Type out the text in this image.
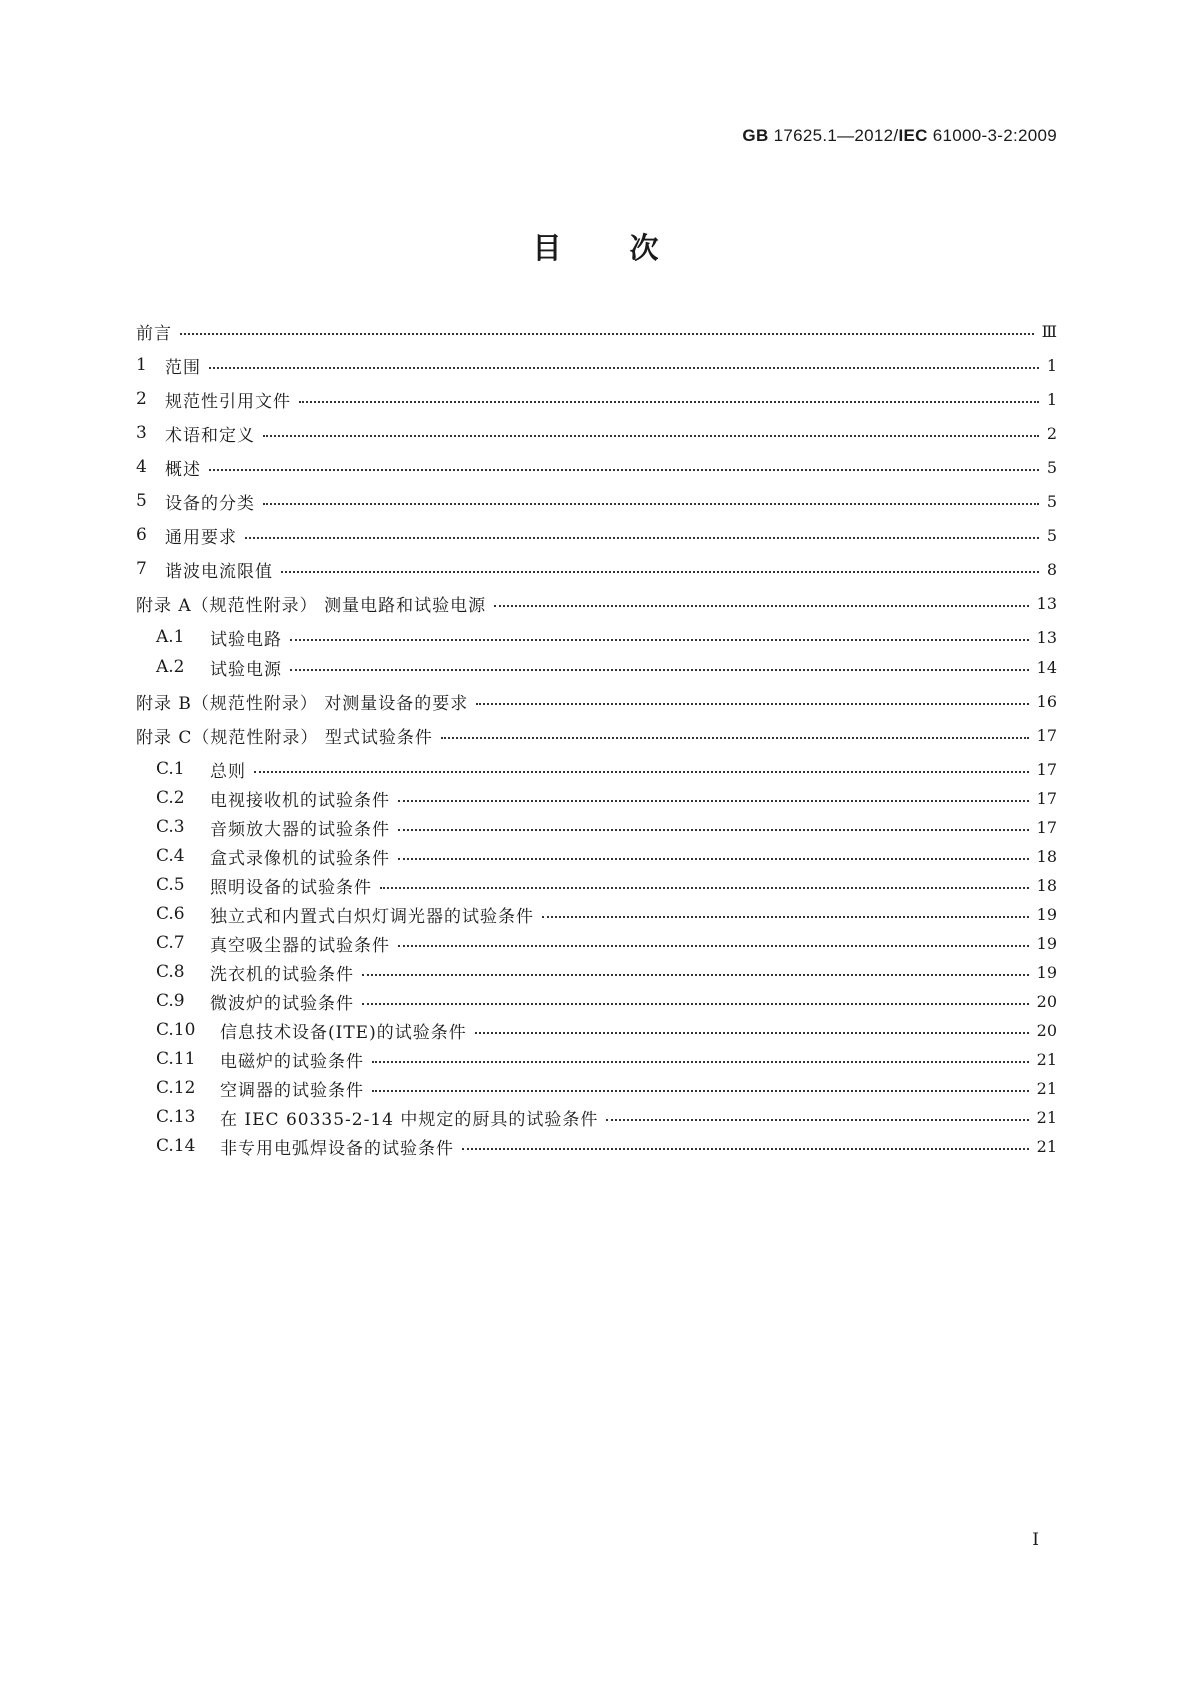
GB 17625.1—2012/IEC 61000-3-2:2009
目次
前言	Ⅲ
1	范围	1
2	规范性引用文件	1
3	术语和定义	2
4	概述	5
5	设备的分类	5
6	通用要求	5
7	谐波电流限值	8
附录 A（规范性附录） 测量电路和试验电源	13
A.1	试验电路	13
A.2	试验电源	14
附录 B（规范性附录） 对测量设备的要求	16
附录 C（规范性附录） 型式试验条件	17
C.1	总则	17
C.2	电视接收机的试验条件	17
C.3	音频放大器的试验条件	17
C.4	盒式录像机的试验条件	18
C.5	照明设备的试验条件	18
C.6	独立式和内置式白炽灯调光器的试验条件	19
C.7	真空吸尘器的试验条件	19
C.8	洗衣机的试验条件	19
C.9	微波炉的试验条件	20
C.10	信息技术设备(ITE)的试验条件	20
C.11	电磁炉的试验条件	21
C.12	空调器的试验条件	21
C.13	在 IEC 60335-2-14 中规定的厨具的试验条件	21
C.14	非专用电弧焊设备的试验条件	21
I
